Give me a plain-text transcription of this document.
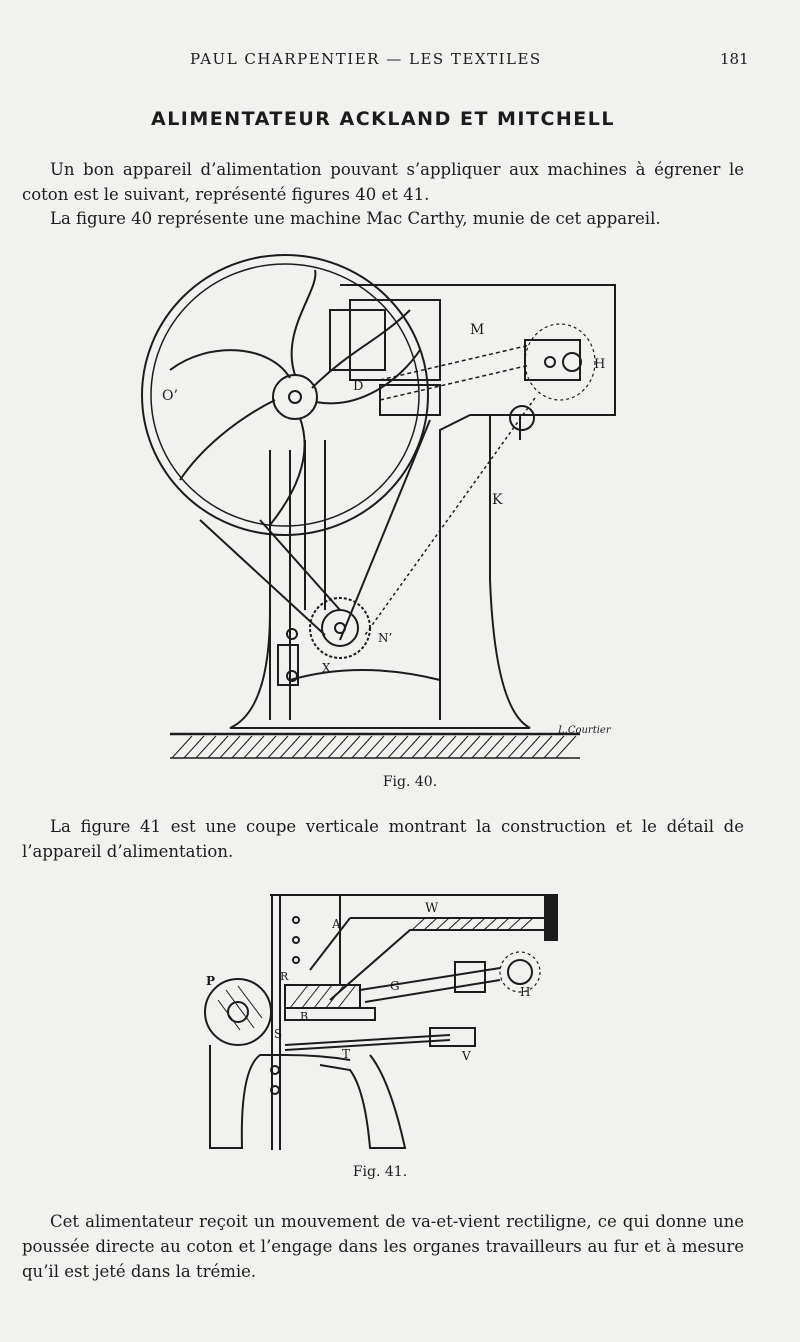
PAUL CHARPENTIER — LES TEXTILES	181
ALIMENTATEUR ACKLAND ET MITCHELL

Un bon appareil d’alimentation pouvant s’appliquer aux machines à égrener le coton est le suivant, représenté figures 40 et 41.

La figure 40 représente une machine Mac Carthy, munie de cet appareil.

O’
M
D
H
K
X
N’
L.Courtier
Fig. 40.

La figure 41 est une coupe verticale montrant la construction et le détail de l’appareil d’alimentation.

W
A
P	R
G	H
B
S
T	V
Fig. 41.

Cet alimentateur reçoit un mouvement de va-et-vient rectiligne, ce qui donne une poussée directe au coton et l’engage dans les organes travailleurs au fur et à mesure qu’il est jeté dans la trémie.
